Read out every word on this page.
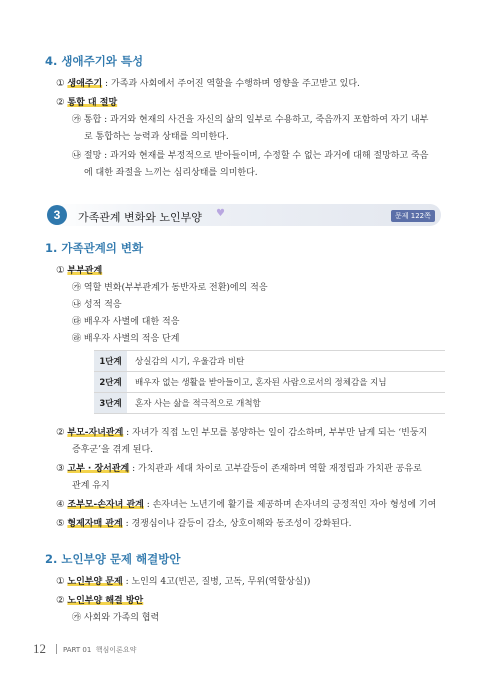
4. 생애주기와 특성
① 생애주기 : 가족과 사회에서 주어진 역할을 수행하며 영향을 주고받고 있다.
② 통합 대 절망
㉮ 통합 : 과거와 현재의 사건을 자신의 삶의 일부로 수용하고, 죽음까지 포함하여 자기 내부
로 통합하는 능력과 상태를 의미한다.
㉯ 절망 : 과거와 현재를 부정적으로 받아들이며, 수정할 수 없는 과거에 대해 절망하고 죽음
에 대한 좌절을 느끼는 심리상태를 의미한다.
3	가족관계 변화와 노인부양 ♥	문제 122쪽
1. 가족관계의 변화
① 부부관계
㉮ 역할 변화(부부관계가 동반자로 전환)에의 적응
㉯ 성적 적응
㉰ 배우자 사별에 대한 적응
㉱ 배우자 사별의 적응 단계
1단계	상실감의 시기, 우울감과 비탄
2단계	배우자 없는 생활을 받아들이고, 혼자된 사람으로서의 정체감을 지님
3단계	혼자 사는 삶을 적극적으로 개척함
② 부모-자녀관계 : 자녀가 직접 노인 부모를 봉양하는 일이 감소하며, 부부만 남게 되는 ‘빈둥지
증후군’을 겪게 된다.
③ 고부 · 장서관계 : 가치관과 세대 차이로 고부갈등이 존재하며 역할 재정립과 가치관 공유로
관계 유지
④ 조부모-손자녀 관계 : 손자녀는 노년기에 활기를 제공하며 손자녀의 긍정적인 자아 형성에 기여
⑤ 형제자매 관계 : 경쟁심이나 갈등이 감소, 상호이해와 동조성이 강화된다.
2. 노인부양 문제 해결방안
① 노인부양 문제 : 노인의 4고(빈곤, 질병, 고독, 무위(역할상실))
② 노인부양 해결 방안
㉮ 사회와 가족의 협력
12 PART 01 핵심이론요약
